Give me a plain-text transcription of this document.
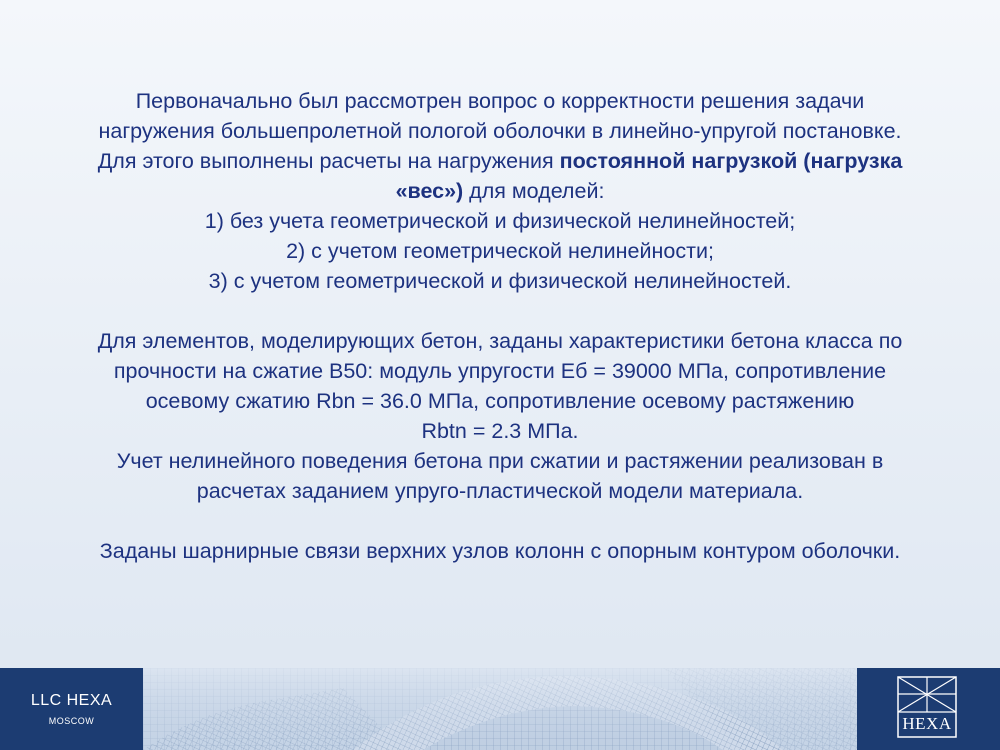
Первоначально был рассмотрен вопрос о корректности решения задачи
нагружения большепролетной пологой оболочки в линейно-упругой постановке.
Для этого выполнены расчеты на нагружения постоянной нагрузкой (нагрузка
«вес») для моделей:
1) без учета геометрической и физической нелинейностей;
2) с учетом геометрической нелинейности;
3) с учетом геометрической и физической нелинейностей.
Для элементов, моделирующих бетон, заданы характеристики бетона класса по
прочности на сжатие В50: модуль упругости Еб = 39000 МПа, сопротивление
осевому сжатию Rbn = 36.0 МПа, сопротивление осевому растяжению
Rbtn = 2.3 МПа.
Учет нелинейного поведения бетона при сжатии и растяжении реализован в
расчетах заданием упруго-пластической модели материала.
Заданы шарнирные связи верхних узлов колонн с опорным контуром оболочки.
LLC HEXA
MOSCOW	HEXA
